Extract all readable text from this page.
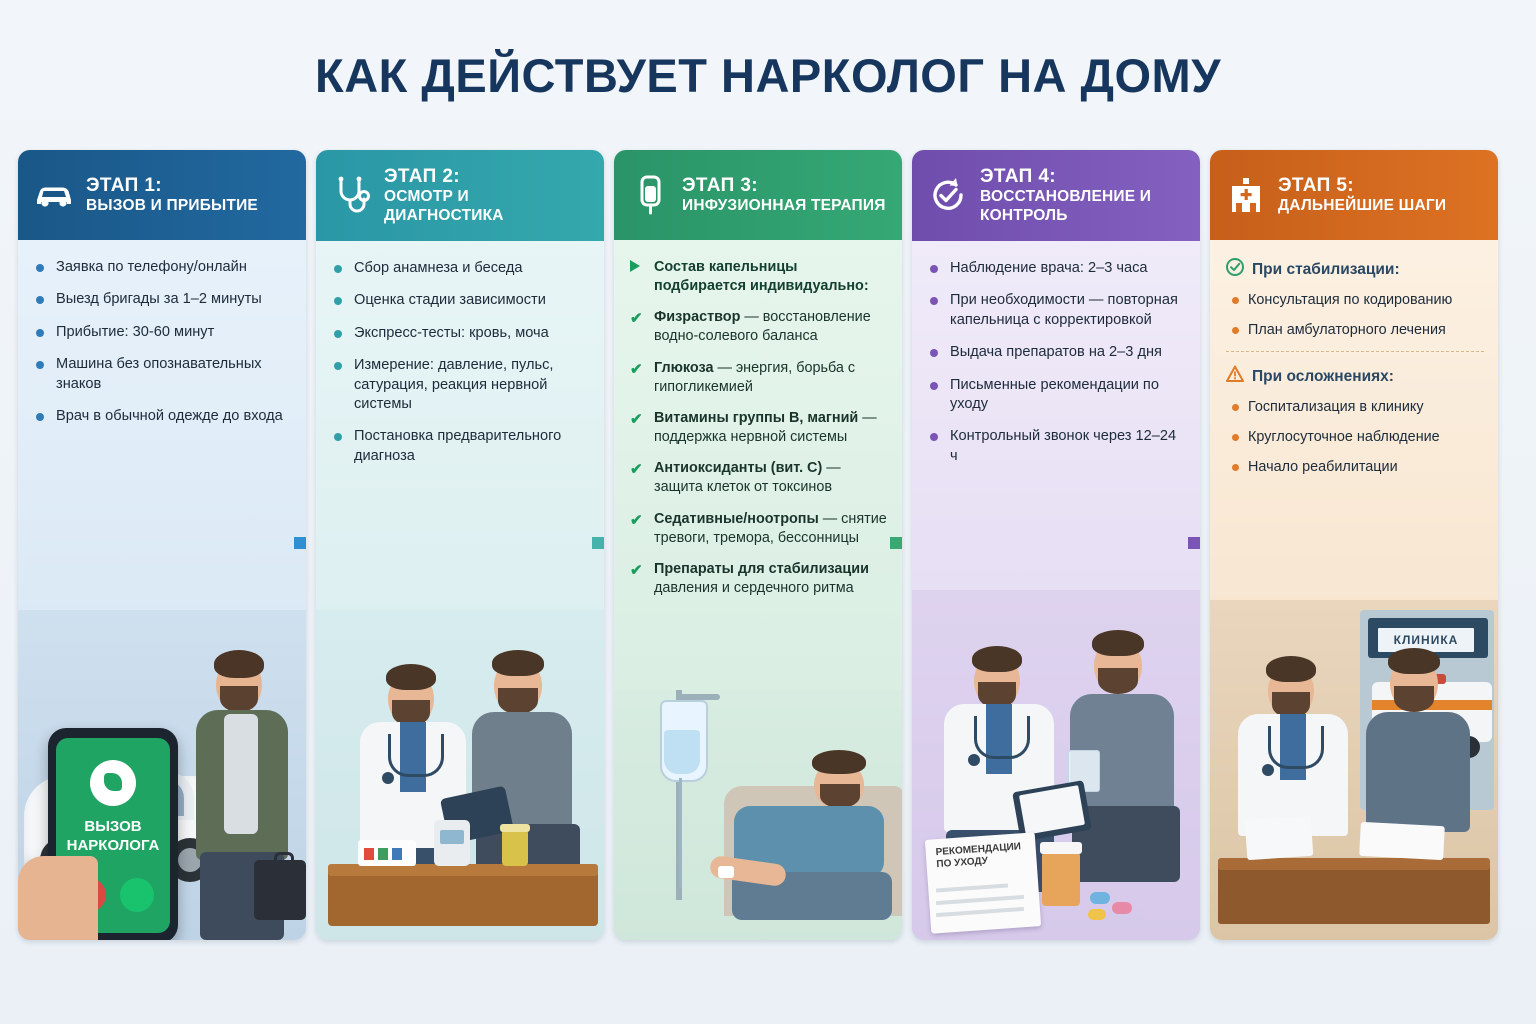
КАК ДЕЙСТВУЕТ НАРКОЛОГ НА ДОМУ
ЭТАП 1:
ВЫЗОВ И ПРИБЫТИЕ
Заявка по телефону/онлайн
Выезд бригады за 1–2 минуты
Прибытие: 30-60 минут
Машина без опознавательных знаков
Врач в обычной одежде до входа
ВЫЗОВ
НАРКОЛОГА
ЭТАП 2:
ОСМОТР И ДИАГНОСТИКА
Сбор анамнеза и беседа
Оценка стадии зависимости
Экспресс-тесты: кровь, моча
Измерение: давление, пульс, сатурация, реакция нервной системы
Постановка предварительного диагноза
ЭТАП 3:
ИНФУЗИОННАЯ ТЕРАПИЯ
Состав капельницы подбирается индивидуально:
✔ Физраствор — восстановление водно-солевого баланса
✔ Глюкоза — энергия, борьба с гипогликемией
✔ Витамины группы В, магний — поддержка нервной системы
✔ Антиоксиданты (вит. С) — защита клеток от токсинов
✔ Седативные/ноотропы — снятие тревоги, тремора, бессонницы
✔ Препараты для стабилизации давления и сердечного ритма
ЭТАП 4:
ВОССТАНОВЛЕНИЕ И КОНТРОЛЬ
Наблюдение врача: 2–3 часа
При необходимости — повторная капельница с корректировкой
Выдача препаратов на 2–3 дня
Письменные рекомендации по уходу
Контрольный звонок через 12–24 ч
РЕКОМЕНДАЦИИ
ПО УХОДУ
ЭТАП 5:
ДАЛЬНЕЙШИЕ ШАГИ
При стабилизации:
Консультация по кодированию
План амбулаторного лечения
При осложнениях:
Госпитализация в клинику
Круглосуточное наблюдение
Начало реабилитации
КЛИНИКА
